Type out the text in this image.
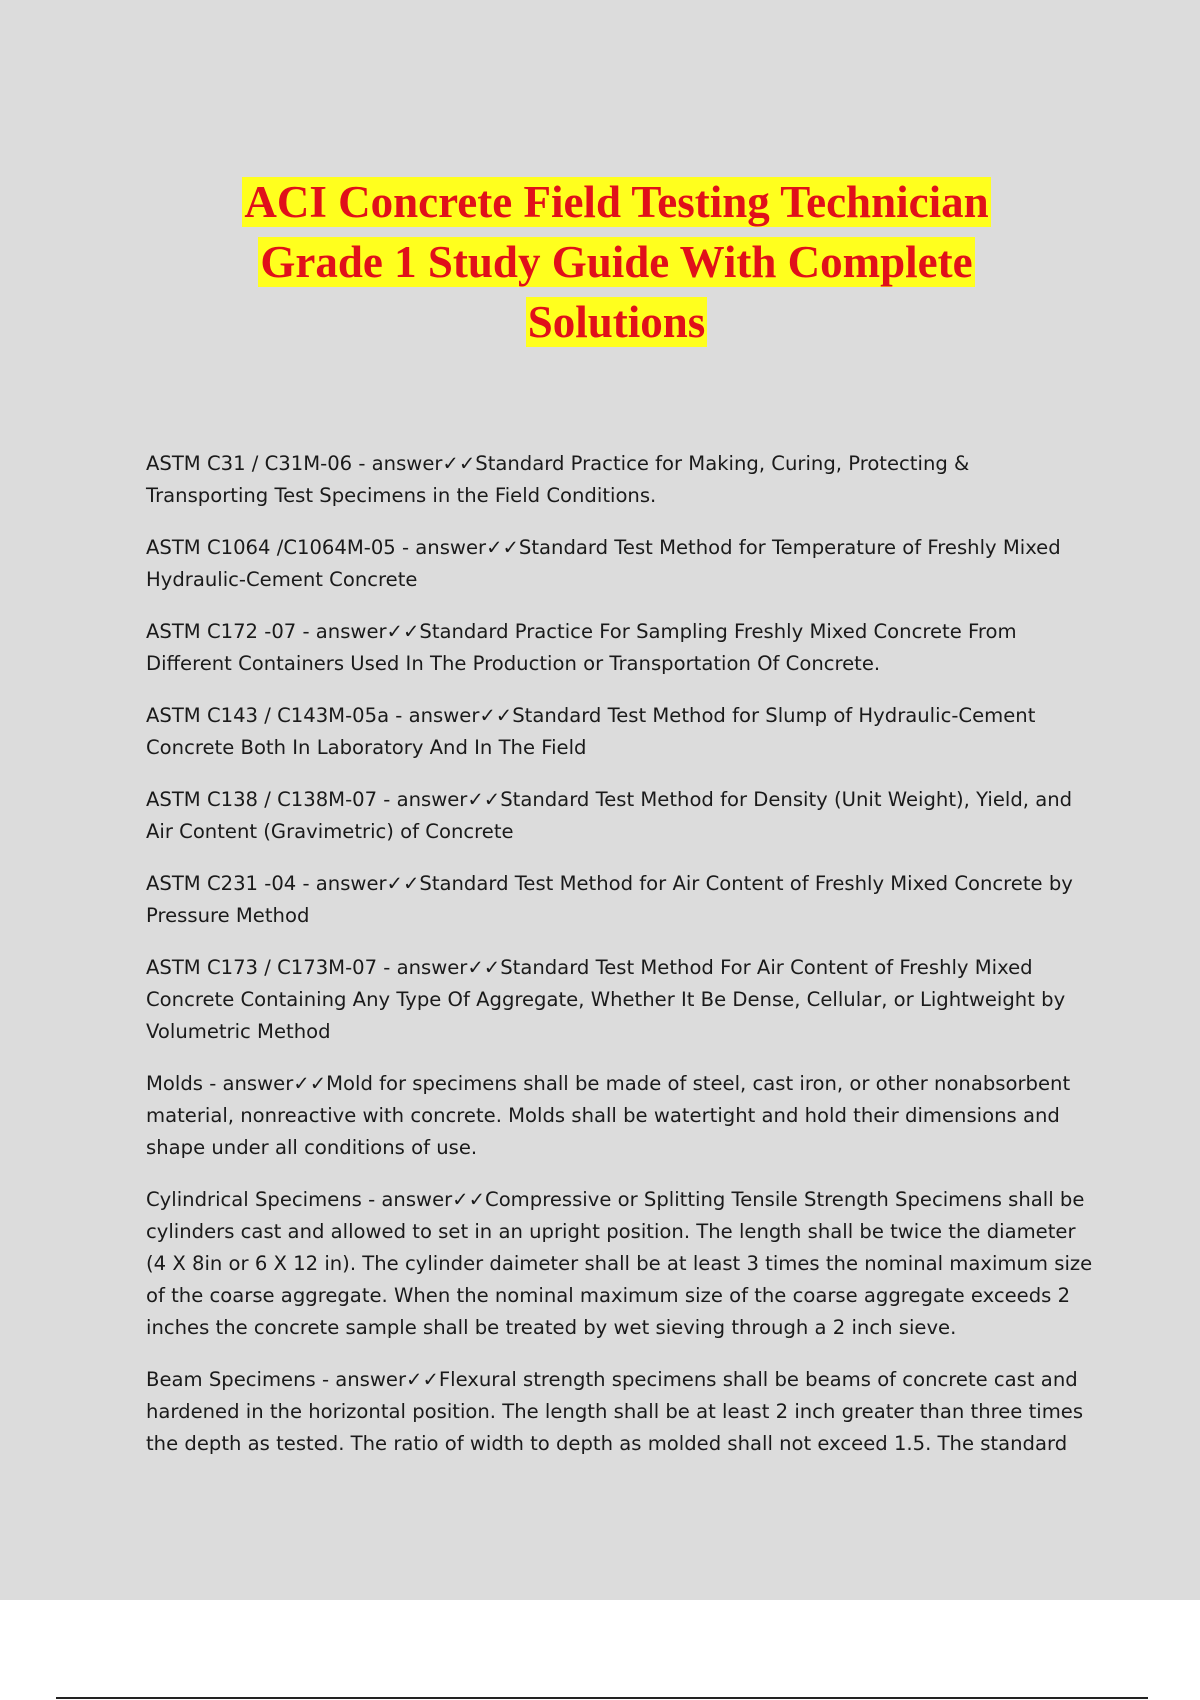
ACI Concrete Field Testing Technician
Grade 1 Study Guide With Complete
Solutions
ASTM C31 / C31M-06 - answer✓✓Standard Practice for Making, Curing, Protecting & Transporting Test Specimens in the Field Conditions.
ASTM C1064 /C1064M-05 - answer✓✓Standard Test Method for Temperature of Freshly Mixed Hydraulic-Cement Concrete
ASTM C172 -07 - answer✓✓Standard Practice For Sampling Freshly Mixed Concrete From Different Containers Used In The Production or Transportation Of Concrete.
ASTM C143 / C143M-05a - answer✓✓Standard Test Method for Slump of Hydraulic-Cement Concrete Both In Laboratory And In The Field
ASTM C138 / C138M-07 - answer✓✓Standard Test Method for Density (Unit Weight), Yield, and Air Content (Gravimetric) of Concrete
ASTM C231 -04 - answer✓✓Standard Test Method for Air Content of Freshly Mixed Concrete by Pressure Method
ASTM C173 / C173M-07 - answer✓✓Standard Test Method For Air Content of Freshly Mixed Concrete Containing Any Type Of Aggregate, Whether It Be Dense, Cellular, or Lightweight by Volumetric Method
Molds - answer✓✓Mold for specimens shall be made of steel, cast iron, or other nonabsorbent material, nonreactive with concrete. Molds shall be watertight and hold their dimensions and shape under all conditions of use.
Cylindrical Specimens - answer✓✓Compressive or Splitting Tensile Strength Specimens shall be cylinders cast and allowed to set in an upright position. The length shall be twice the diameter (4 X 8in or 6 X 12 in). The cylinder daimeter shall be at least 3 times the nominal maximum size of the coarse aggregate. When the nominal maximum size of the coarse aggregate exceeds 2 inches the concrete sample shall be treated by wet sieving through a 2 inch sieve.
Beam Specimens - answer✓✓Flexural strength specimens shall be beams of concrete cast and hardened in the horizontal position. The length shall be at least 2 inch greater than three times the depth as tested. The ratio of width to depth as molded shall not exceed 1.5. The standard
